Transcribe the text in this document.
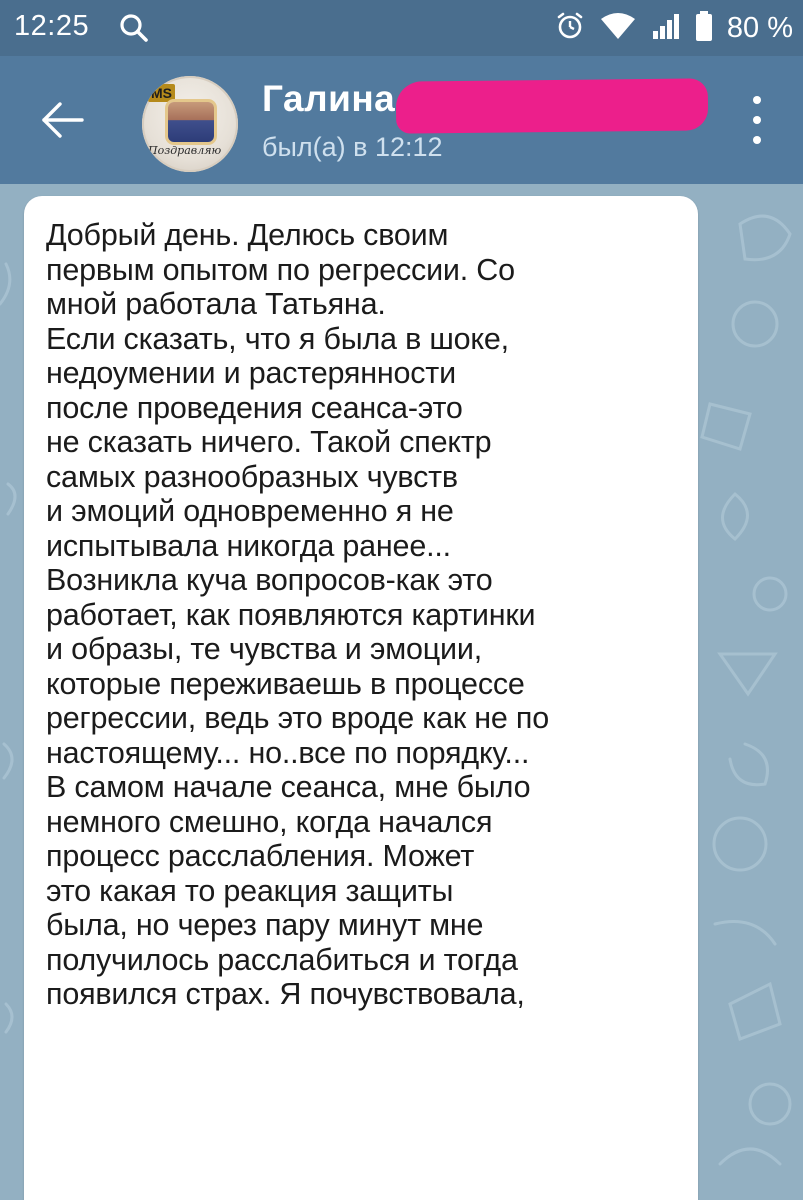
12:25	80 %
MS
Поздравляю
Галина
был(а) в 12:12
Добрый день. Делюсь своим
первым опытом по регрессии. Со
мной работала Татьяна.
Если сказать, что я была в шоке,
недоумении и растерянности
после проведения сеанса-это
не сказать ничего. Такой спектр
самых разнообразных чувств
и эмоций одновременно я не
испытывала никогда ранее...
Возникла куча вопросов-как это
работает, как появляются картинки
и образы, те чувства и эмоции,
которые переживаешь в процессе
регрессии, ведь это вроде как не по
настоящему... но..все по порядку...
В самом начале сеанса, мне было
немного смешно, когда начался
процесс расслабления. Может
это какая то реакция защиты
была, но через пару минут мне
получилось расслабиться и тогда
появился страх. Я почувствовала,
